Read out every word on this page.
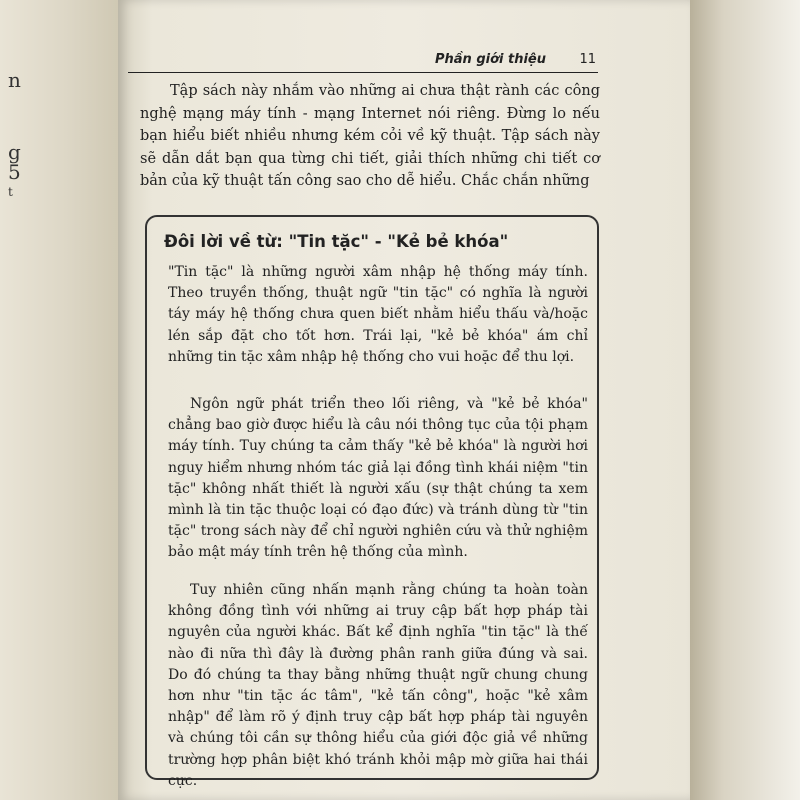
n
g
5
t
Phần giới thiệu	11

Tập sách này nhắm vào những ai chưa thật rành các công nghệ mạng máy tính - mạng Internet nói riêng. Đừng lo nếu bạn hiểu biết nhiều nhưng kém cỏi về kỹ thuật. Tập sách này sẽ dẫn dắt bạn qua từng chi tiết, giải thích những chi tiết cơ bản của kỹ thuật tấn công sao cho dễ hiểu. Chắc chắn những

Đôi lời về từ: "Tin tặc" - "Kẻ bẻ khóa"

"Tin tặc" là những người xâm nhập hệ thống máy tính. Theo truyền thống, thuật ngữ "tin tặc" có nghĩa là người táy máy hệ thống chưa quen biết nhằm hiểu thấu và/hoặc lén sắp đặt cho tốt hơn. Trái lại, "kẻ bẻ khóa" ám chỉ những tin tặc xâm nhập hệ thống cho vui hoặc để thu lợi.

Ngôn ngữ phát triển theo lối riêng, và "kẻ bẻ khóa" chẳng bao giờ được hiểu là câu nói thông tục của tội phạm máy tính. Tuy chúng ta cảm thấy "kẻ bẻ khóa" là người hơi nguy hiểm nhưng nhóm tác giả lại đồng tình khái niệm "tin tặc" không nhất thiết là người xấu (sự thật chúng ta xem mình là tin tặc thuộc loại có đạo đức) và tránh dùng từ "tin tặc" trong sách này để chỉ người nghiên cứu và thử nghiệm bảo mật máy tính trên hệ thống của mình.

Tuy nhiên cũng nhấn mạnh rằng chúng ta hoàn toàn không đồng tình với những ai truy cập bất hợp pháp tài nguyên của người khác. Bất kể định nghĩa "tin tặc" là thế nào đi nữa thì đây là đường phân ranh giữa đúng và sai. Do đó chúng ta thay bằng những thuật ngữ chung chung hơn như "tin tặc ác tâm", "kẻ tấn công", hoặc "kẻ xâm nhập" để làm rõ ý định truy cập bất hợp pháp tài nguyên và chúng tôi cần sự thông hiểu của giới độc giả về những trường hợp phân biệt khó tránh khỏi mập mờ giữa hai thái cực.
